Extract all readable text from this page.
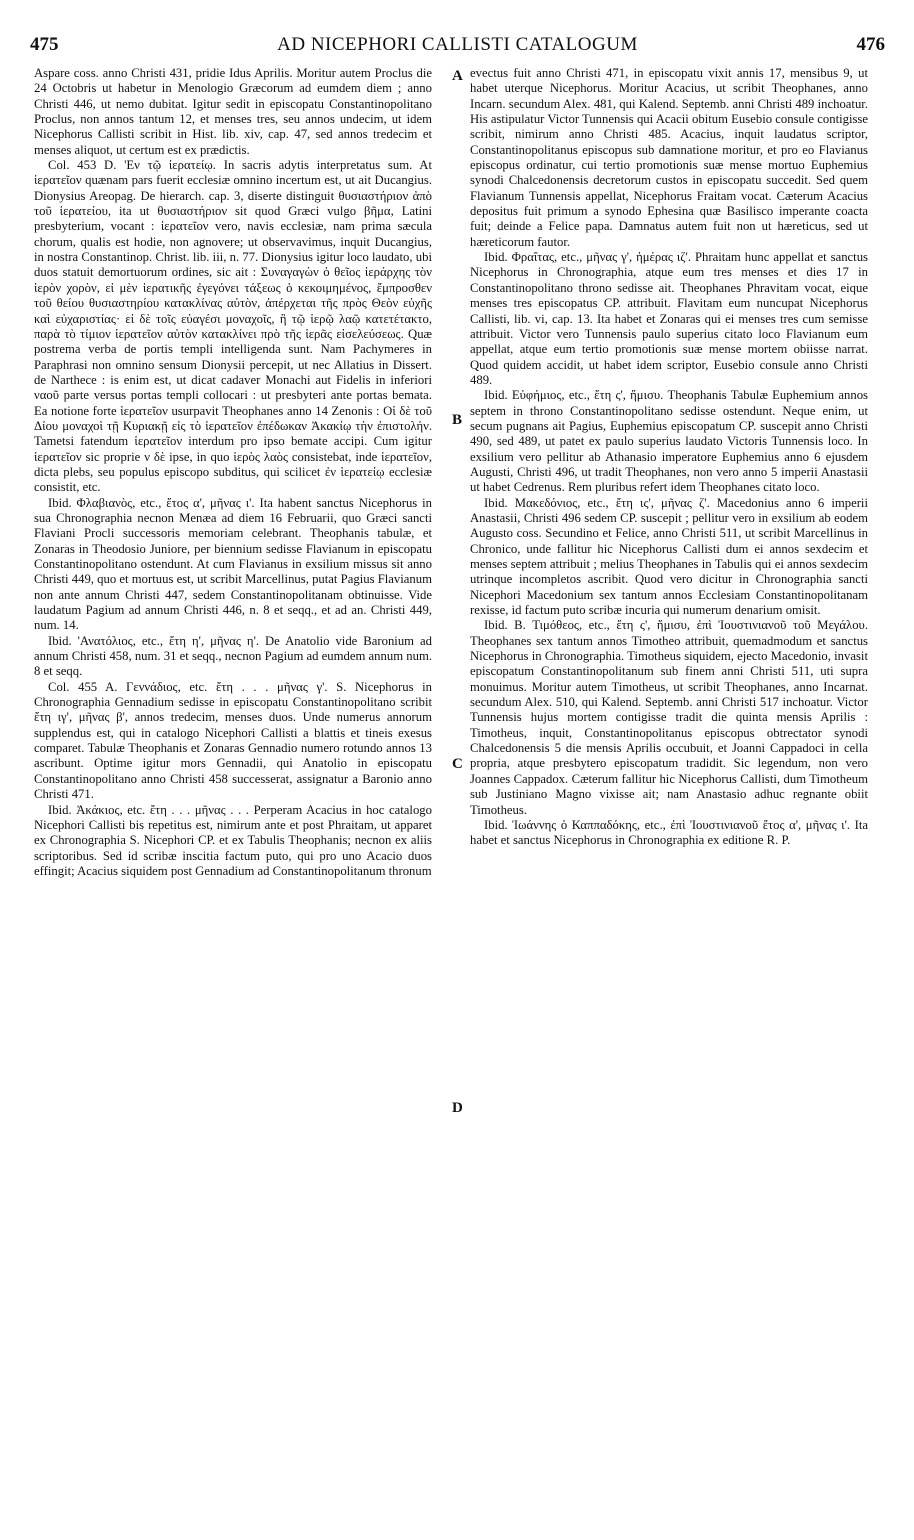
475	AD NICEPHORI CALLISTI CATALOGUM	476

Aspare coss. anno Christi 431, pridie Idus Aprilis. Moritur autem Proclus die 24 Octobris ut habetur in Menologio Græcorum ad eumdem diem ; anno Christi 446, ut nemo dubitat. Igitur sedit in episcopatu Constantinopolitano Proclus, non annos tantum 12, et menses tres, seu annos undecim, ut idem Nicephorus Callisti scribit in Hist. lib. xiv, cap. 47, sed annos tredecim et menses aliquot, ut certum est ex prædictis.

Col. 453 D. 'Εν τῷ ἱερατείῳ. In sacris adytis interpretatus sum. At ἱερατεῖον quænam pars fuerit ecclesiæ omnino incertum est, ut ait Ducangius. Dionysius Areopag. De hierarch. cap. 3, diserte distinguit θυσιαστήριον ἀπὸ τοῦ ἱερατείου, ita ut θυσιαστήριον sit quod Græci vulgo βῆμα, Latini presbyterium, vocant : ἱερατεῖον vero, navis ecclesiæ, nam prima sæcula chorum, qualis est hodie, non agnovere; ut observavimus, inquit Ducangius, in nostra Constantinop. Christ. lib. iii, n. 77. Dionysius igitur loco laudato, ubi duos statuit demortuorum ordines, sic ait : Συναγαγὼν ὁ θεῖος ἱεράρχης τὸν ἱερὸν χορὸν, εἰ μὲν ἱερατικῆς ἐγεγόνει τάξεως ὁ κεκοιμημένος, ἔμπροσθεν τοῦ θείου θυσιαστηρίου κατακλίνας αὐτὸν, ἀπέρχεται τῆς πρὸς Θεὸν εὐχῆς καὶ εὐχαριστίας· εἰ δὲ τοῖς εὐαγέσι μοναχοῖς, ἢ τῷ ἱερῷ λαῷ κατετέτακτο, παρὰ τὸ τίμιον ἱερατεῖον αὐτὸν κατακλίνει πρὸ τῆς ἱερᾶς εἰσελεύσεως. Quæ postrema verba de portis templi intelligenda sunt. Nam Pachymeres in Paraphrasi non omnino sensum Dionysii percepit, ut nec Allatius in Dissert. de Narthece : is enim est, ut dicat cadaver Monachi aut Fidelis in inferiori ναοῦ parte versus portas templi collocari : ut presbyteri ante portas bemata. Ea notione forte ἱερατεῖον usurpavit Theophanes anno 14 Zenonis : Οἱ δὲ τοῦ Δίου μοναχοὶ τῇ Κυριακῇ εἰς τὸ ἱερατεῖον ἐπέδωκαν Ἀκακίῳ τὴν ἐπιστολήν. Tametsi fatendum ἱερατεῖον interdum pro ipso bemate accipi. Cum igitur ἱερατεῖον sic proprie ν δὲ ipse, in quo ἱερὸς λαὸς consistebat, inde ἱερατεῖον, dicta plebs, seu populus episcopo subditus, qui scilicet ἐν ἱερατείῳ ecclesiæ consistit, etc.

Ibid. Φλαβιανὸς, etc., ἔτος α', μῆνας ι'. Ita habent sanctus Nicephorus in sua Chronographia necnon Menæa ad diem 16 Februarii, quo Græci sancti Flaviani Procli successoris memoriam celebrant. Theophanis tabulæ, et Zonaras in Theodosio Juniore, per biennium sedisse Flavianum in episcopatu Constantinopolitano ostendunt. At cum Flavianus in exsilium missus sit anno Christi 449, quo et mortuus est, ut scribit Marcellinus, putat Pagius Flavianum non ante annum Christi 447, sedem Constantinopolitanam obtinuisse. Vide laudatum Pagium ad annum Christi 446, n. 8 et seqq., et ad an. Christi 449, num. 14.

Ibid. 'Ανατόλιος, etc., ἔτη η', μῆνας η'. De Anatolio vide Baronium ad annum Christi 458, num. 31 et seqq., necnon Pagium ad eumdem annum num. 8 et seqq.

Col. 455 A. Γεννάδιος, etc. ἔτη . . . μῆνας γ'. S. Nicephorus in Chronographia Gennadium sedisse in episcopatu Constantinopolitano scribit ἔτη ιγ', μῆνας β', annos tredecim, menses duos. Unde numerus annorum supplendus est, qui in catalogo Nicephori Callisti a blattis et tineis exesus comparet. Tabulæ Theophanis et Zonaras Gennadio numero rotundo annos 13 ascribunt. Optime igitur mors Gennadii, qui Anatolio in episcopatu Constantinopolitano anno Christi 458 successerat, assignatur a Baronio anno Christi 471.

Ibid. Ἀκάκιος, etc. ἔτη . . . μῆνας . . . Perperam Acacius in hoc catalogo Nicephori Callisti bis repetitus est, nimirum ante et post Phraitam, ut apparet ex Chronographia S. Nicephori CP. et ex Tabulis Theophanis; necnon ex aliis scriptoribus. Sed id scribæ inscitia factum puto, qui pro uno Acacio duos effingit; Acacius siquidem post Gennadium ad Constantinopolitanum thronum

evectus fuit anno Christi 471, in episcopatu vixit annis 17, mensibus 9, ut habet uterque Nicephorus. Moritur Acacius, ut scribit Theophanes, anno Incarn. secundum Alex. 481, qui Kalend. Septemb. anni Christi 489 inchoatur. His astipulatur Victor Tunnensis qui Acacii obitum Eusebio consule contigisse scribit, nimirum anno Christi 485. Acacius, inquit laudatus scriptor, Constantinopolitanus episcopus sub damnatione moritur, et pro eo Flavianus episcopus ordinatur, cui tertio promotionis suæ mense mortuo Euphemius synodi Chalcedonensis decretorum custos in episcopatu succedit. Sed quem Flavianum Tunnensis appellat, Nicephorus Fraitam vocat. Cæterum Acacius depositus fuit primum a synodo Ephesina quæ Basilisco imperante coacta fuit; deinde a Felice papa. Damnatus autem fuit non ut hæreticus, sed ut hæreticorum fautor.

Ibid. Φραΐτας, etc., μῆνας γ', ἡμέρας ιζ'. Phraitam hunc appellat et sanctus Nicephorus in Chronographia, atque eum tres menses et dies 17 in Constantinopolitano throno sedisse ait. Theophanes Phravitam vocat, eique menses tres episcopatus CP. attribuit. Flavitam eum nuncupat Nicephorus Callisti, lib. vi, cap. 13. Ita habet et Zonaras qui ei menses tres cum semisse attribuit. Victor vero Tunnensis paulo superius citato loco Flavianum eum appellat, atque eum tertio promotionis suæ mense mortem obiisse narrat. Quod quidem accidit, ut habet idem scriptor, Eusebio consule anno Christi 489.

Ibid. Εὐφήμιος, etc., ἔτη ς', ἥμισυ. Theophanis Tabulæ Euphemium annos septem in throno Constantinopolitano sedisse ostendunt. Neque enim, ut secum pugnans ait Pagius, Euphemius episcopatum CP. suscepit anno Christi 490, sed 489, ut patet ex paulo superius laudato Victoris Tunnensis loco. In exsilium vero pellitur ab Athanasio imperatore Euphemius anno 6 ejusdem Augusti, Christi 496, ut tradit Theophanes, non vero anno 5 imperii Anastasii ut habet Cedrenus. Rem pluribus refert idem Theophanes citato loco.

Ibid. Μακεδόνιος, etc., ἔτη ις', μῆνας ζ'. Macedonius anno 6 imperii Anastasii, Christi 496 sedem CP. suscepit ; pellitur vero in exsilium ab eodem Augusto coss. Secundino et Felice, anno Christi 511, ut scribit Marcellinus in Chronico, unde fallitur hic Nicephorus Callisti dum ei annos sexdecim et menses septem attribuit ; melius Theophanes in Tabulis qui ei annos sexdecim utrinque incompletos ascribit. Quod vero dicitur in Chronographia sancti Nicephori Macedonium sex tantum annos Ecclesiam Constantinopolitanam rexisse, id factum puto scribæ incuria qui numerum denarium omisit.

Ibid. B. Τιμόθεος, etc., ἔτη ς', ἥμισυ, ἐπὶ Ἰουστινιανοῦ τοῦ Μεγάλου. Theophanes sex tantum annos Timotheo attribuit, quemadmodum et sanctus Nicephorus in Chronographia. Timotheus siquidem, ejecto Macedonio, invasit episcopatum Constantinopolitanum sub finem anni Christi 511, uti supra monuimus. Moritur autem Timotheus, ut scribit Theophanes, anno Incarnat. secundum Alex. 510, qui Kalend. Septemb. anni Christi 517 inchoatur. Victor Tunnensis hujus mortem contigisse tradit die quinta mensis Aprilis : Timotheus, inquit, Constantinopolitanus episcopus obtrectator synodi Chalcedonensis 5 die mensis Aprilis occubuit, et Joanni Cappadoci in cella propria, atque presbytero episcopatum tradidit. Sic legendum, non vero Joannes Cappadox. Cæterum fallitur hic Nicephorus Callisti, dum Timotheum sub Justiniano Magno vixisse ait; nam Anastasio adhuc regnante obiit Timotheus.

Ibid. Ἰωάννης ὁ Καππαδόκης, etc., ἐπὶ Ἰουστινιανοῦ ἔτος α', μῆνας ι'. Ita habet et sanctus Nicephorus in Chronographia ex editione R. P.

A
B
C
D
